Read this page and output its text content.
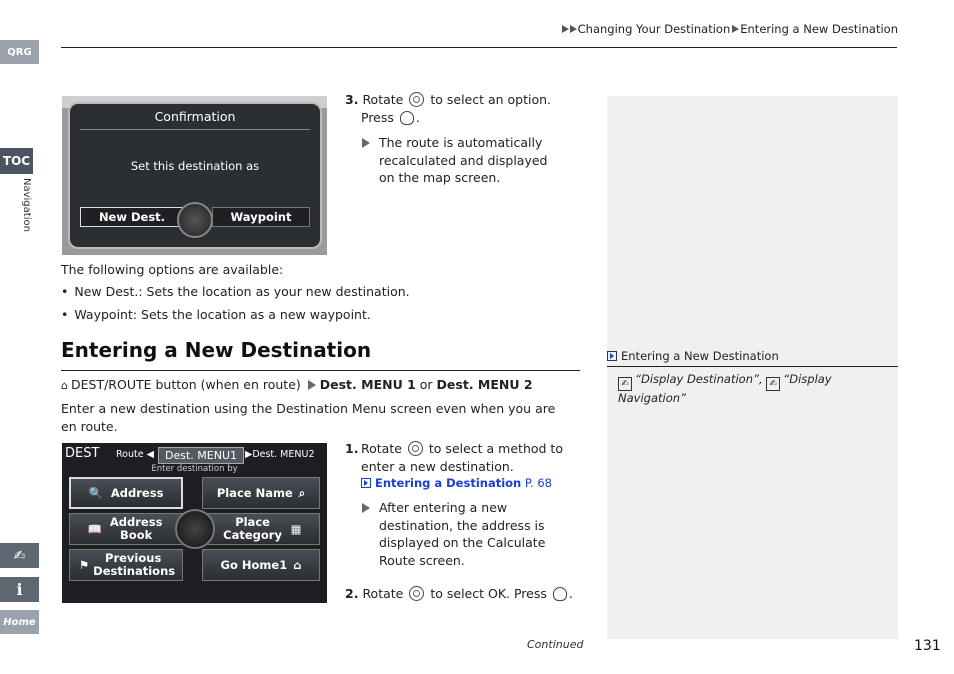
QRG
TOC
Navigation
✍
i
Home
Changing Your Destination Entering a New Destination
Confirmation
Set this destination as
New Dest.	Waypoint
3. Rotate to select an option.
Press .
The route is automatically recalculated and displayed on the map screen.
Entering a New Destination
✍ “Display Destination”, ✍ “Display Navigation”
The following options are available:
• New Dest.: Sets the location as your new destination.
• Waypoint: Sets the location as a new waypoint.
Entering a New Destination
⌂ DEST/ROUTE button (when en route) Dest. MENU 1 or Dest. MENU 2
Enter a new destination using the Destination Menu screen even when you are en route.
DEST Route ◀	Dest. MENU1 ▶Dest. MENU2
Enter destination by
🔍 Address	Place Name ⌕
📖 Address Book
Place Category ▦
⚑	Previous Destinations	Go Home1 ⌂
1. Rotate to select a method to enter a new destination.
Entering a Destination P. 68
After entering a new destination, the address is displayed on the Calculate Route screen.
2. Rotate to select OK. Press .
Continued	131
